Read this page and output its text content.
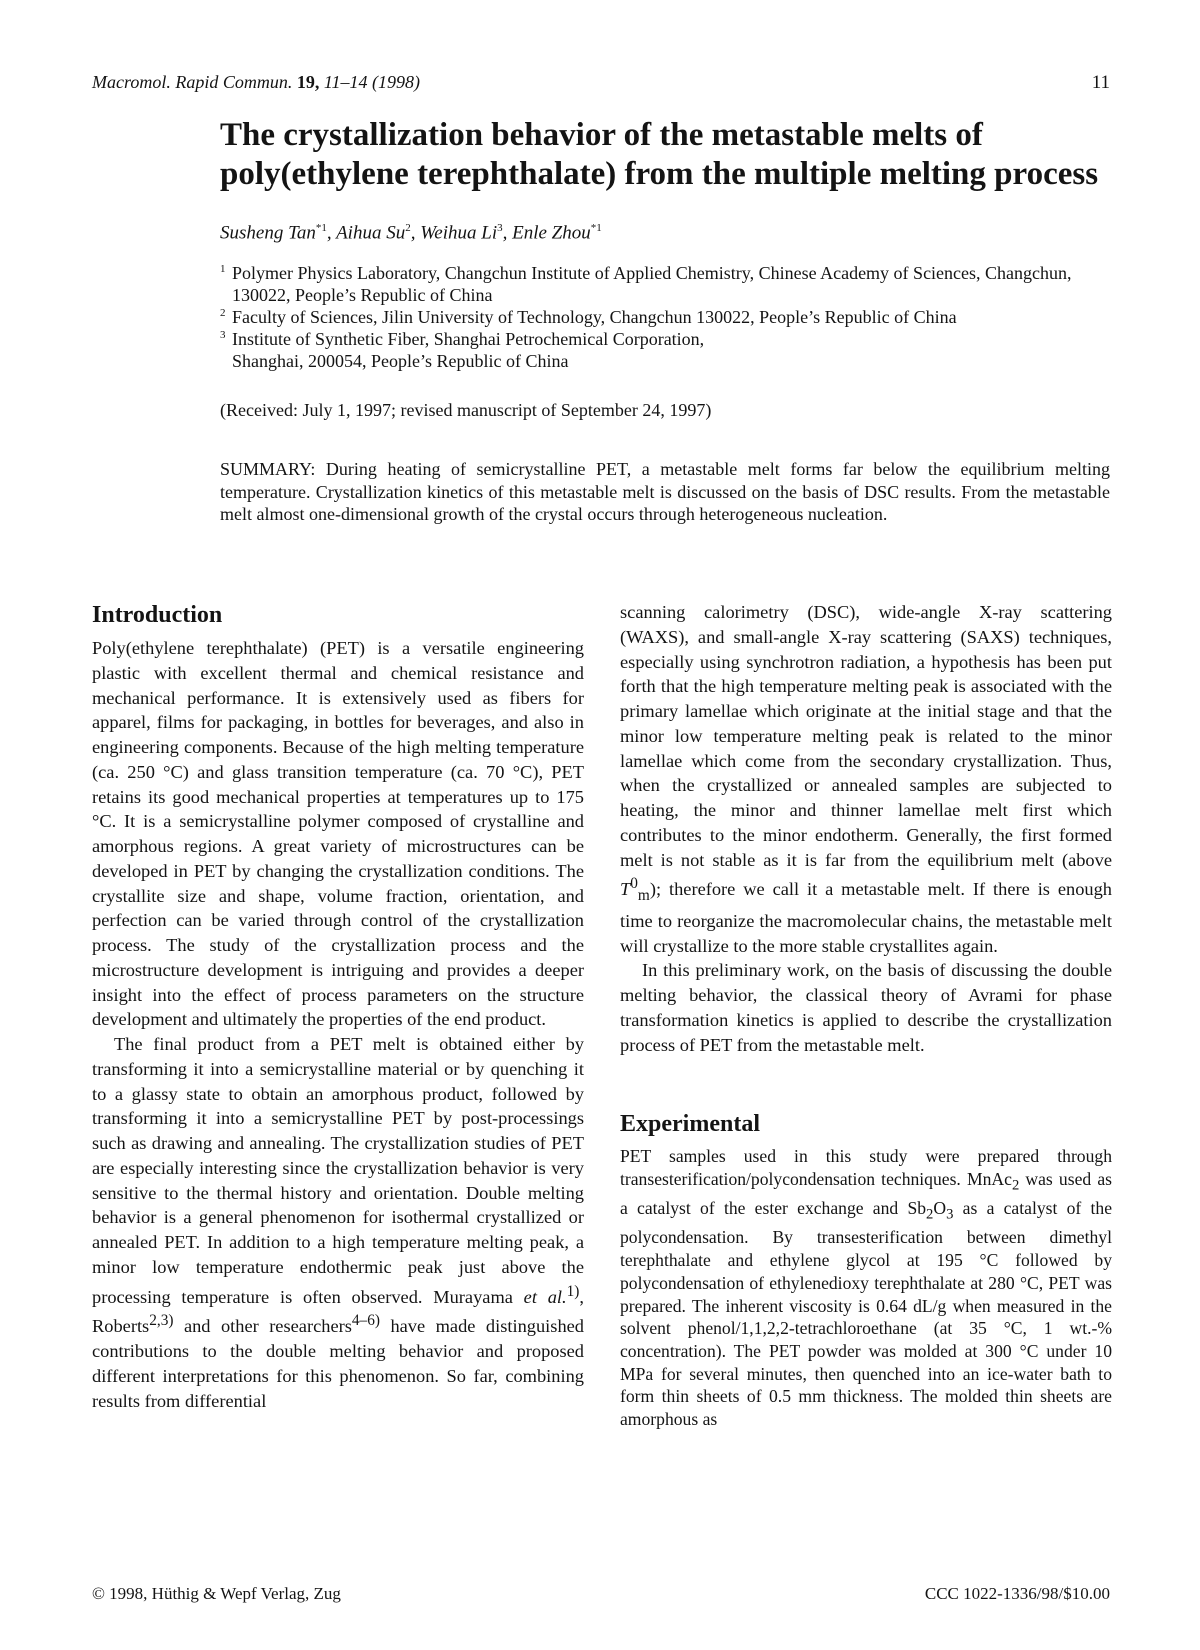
Macromol. Rapid Commun. 19, 11–14 (1998)	11
The crystallization behavior of the metastable melts of poly(ethylene terephthalate) from the multiple melting process
Susheng Tan$^{*1}$, Aihua Su$^2$, Weihua Li$^3$, Enle Zhou$^{*1}$
1 Polymer Physics Laboratory, Changchun Institute of Applied Chemistry, Chinese Academy of Sciences, Changchun, 130022, People’s Republic of China
2 Faculty of Sciences, Jilin University of Technology, Changchun 130022, People’s Republic of China
3 Institute of Synthetic Fiber, Shanghai Petrochemical Corporation,
Shanghai, 200054, People’s Republic of China
(Received: July 1, 1997; revised manuscript of September 24, 1997)

SUMMARY: During heating of semicrystalline PET, a metastable melt forms far below the equilibrium melting temperature. Crystallization kinetics of this metastable melt is discussed on the basis of DSC results. From the metastable melt almost one-dimensional growth of the crystal occurs through heterogeneous nucleation.

Introduction

Poly(ethylene terephthalate) (PET) is a versatile engineering plastic with excellent thermal and chemical resistance and mechanical performance. It is extensively used as fibers for apparel, films for packaging, in bottles for beverages, and also in engineering components. Because of the high melting temperature (ca. 250 °C) and glass transition temperature (ca. 70 °C), PET retains its good mechanical properties at temperatures up to 175 °C. It is a semicrystalline polymer composed of crystalline and amorphous regions. A great variety of microstructures can be developed in PET by changing the crystallization conditions. The crystallite size and shape, volume fraction, orientation, and perfection can be varied through control of the crystallization process. The study of the crystallization process and the microstructure development is intriguing and provides a deeper insight into the effect of process parameters on the structure development and ultimately the properties of the end product.

The final product from a PET melt is obtained either by transforming it into a semicrystalline material or by quenching it to a glassy state to obtain an amorphous product, followed by transforming it into a semicrystalline PET by post-processings such as drawing and annealing. The crystallization studies of PET are especially interesting since the crystallization behavior is very sensitive to the thermal history and orientation. Double melting behavior is a general phenomenon for isothermal crystallized or annealed PET. In addition to a high temperature melting peak, a minor low temperature endothermic peak just above the processing temperature is often observed. Murayama et al.$^{1)}$, Roberts$^{2,3)}$ and other researchers$^{4-6)}$ have made distinguished contributions to the double melting behavior and proposed different interpretations for this phenomenon. So far, combining results from differential

scanning calorimetry (DSC), wide-angle X-ray scattering (WAXS), and small-angle X-ray scattering (SAXS) techniques, especially using synchrotron radiation, a hypothesis has been put forth that the high temperature melting peak is associated with the primary lamellae which originate at the initial stage and that the minor low temperature melting peak is related to the minor lamellae which come from the secondary crystallization. Thus, when the crystallized or annealed samples are subjected to heating, the minor and thinner lamellae melt first which contributes to the minor endotherm. Generally, the first formed melt is not stable as it is far from the equilibrium melt (above $T^0_m$); therefore we call it a metastable melt. If there is enough time to reorganize the macromolecular chains, the metastable melt will crystallize to the more stable crystallites again.

In this preliminary work, on the basis of discussing the double melting behavior, the classical theory of Avrami for phase transformation kinetics is applied to describe the crystallization process of PET from the metastable melt.

Experimental

PET samples used in this study were prepared through transesterification/polycondensation techniques. MnAc$_2$ was used as a catalyst of the ester exchange and $Sb_2O_3$ as a catalyst of the polycondensation. By transesterification between dimethyl terephthalate and ethylene glycol at 195 °C followed by polycondensation of ethylenedioxy terephthalate at 280 °C, PET was prepared. The inherent viscosity is 0.64 dL/g when measured in the solvent phenol/1,1,2,2-tetrachloroethane (at 35 °C, 1 wt.-% concentration). The PET powder was molded at 300 °C under 10 MPa for several minutes, then quenched into an ice-water bath to form thin sheets of 0.5 mm thickness. The molded thin sheets are amorphous as

© 1998, Hüthig & Wepf Verlag, Zug	CCC 1022-1336/98/$10.00
